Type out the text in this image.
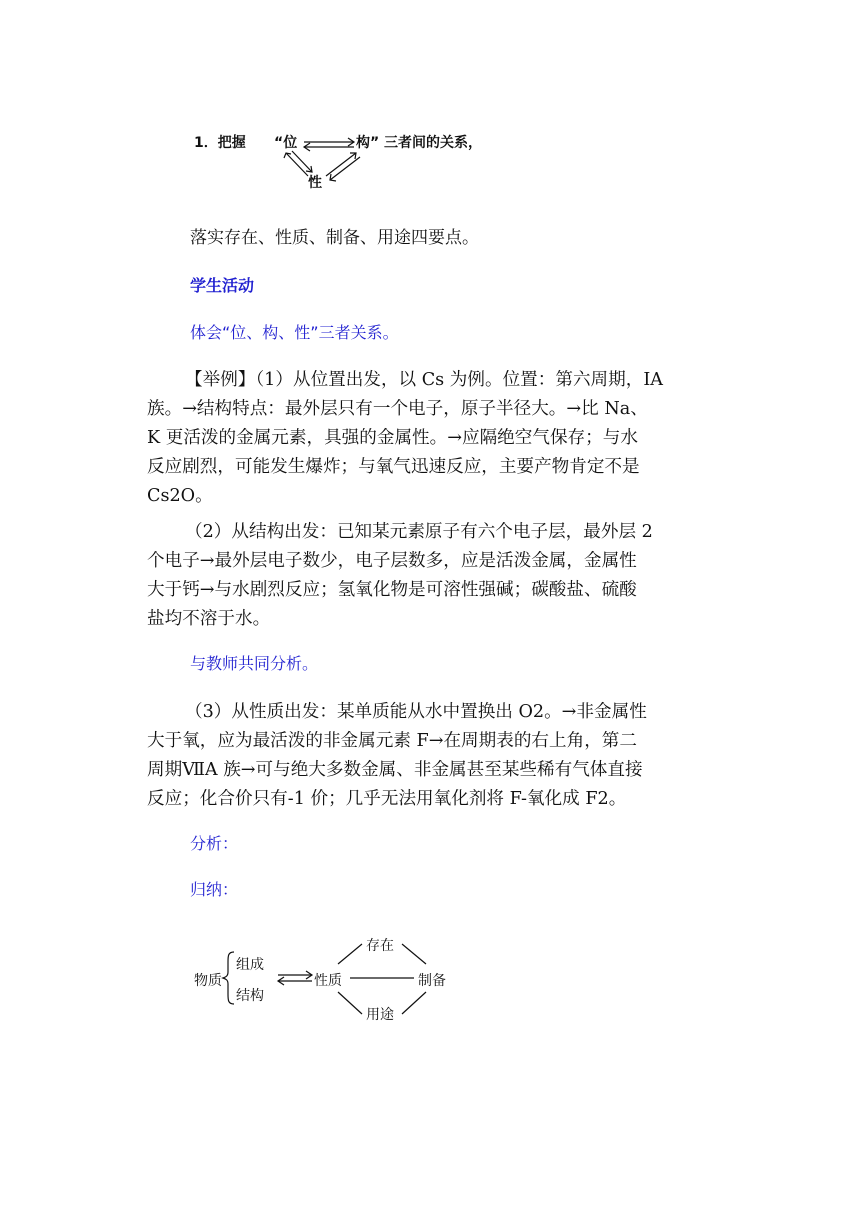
1．把握 “位	构” 三者间的关系，
性
落实存在、性质、制备、用途四要点。
学生活动
体会“位、构、性”三者关系。
【举例】（1）从位置出发，以 Cs 为例。位置：第六周期，IA
族。→结构特点：最外层只有一个电子，原子半径大。→比 Na、
K 更活泼的金属元素，具强的金属性。→应隔绝空气保存；与水
反应剧烈，可能发生爆炸；与氧气迅速反应，主要产物肯定不是
Cs2O。
（2）从结构出发：已知某元素原子有六个电子层，最外层 2
个电子→最外层电子数少，电子层数多，应是活泼金属，金属性
大于钙→与水剧烈反应；氢氧化物是可溶性强碱；碳酸盐、硫酸
盐均不溶于水。
与教师共同分析。
（3）从性质出发：某单质能从水中置换出 O2。→非金属性
大于氧，应为最活泼的非金属元素 F→在周期表的右上角，第二
周期ⅦA 族→可与绝大多数金属、非金属甚至某些稀有气体直接
反应；化合价只有-1 价；几乎无法用氧化剂将 F-氧化成 F2。
分析：
归纳：
物质
组成
结构
性质
存在
制备
用途
